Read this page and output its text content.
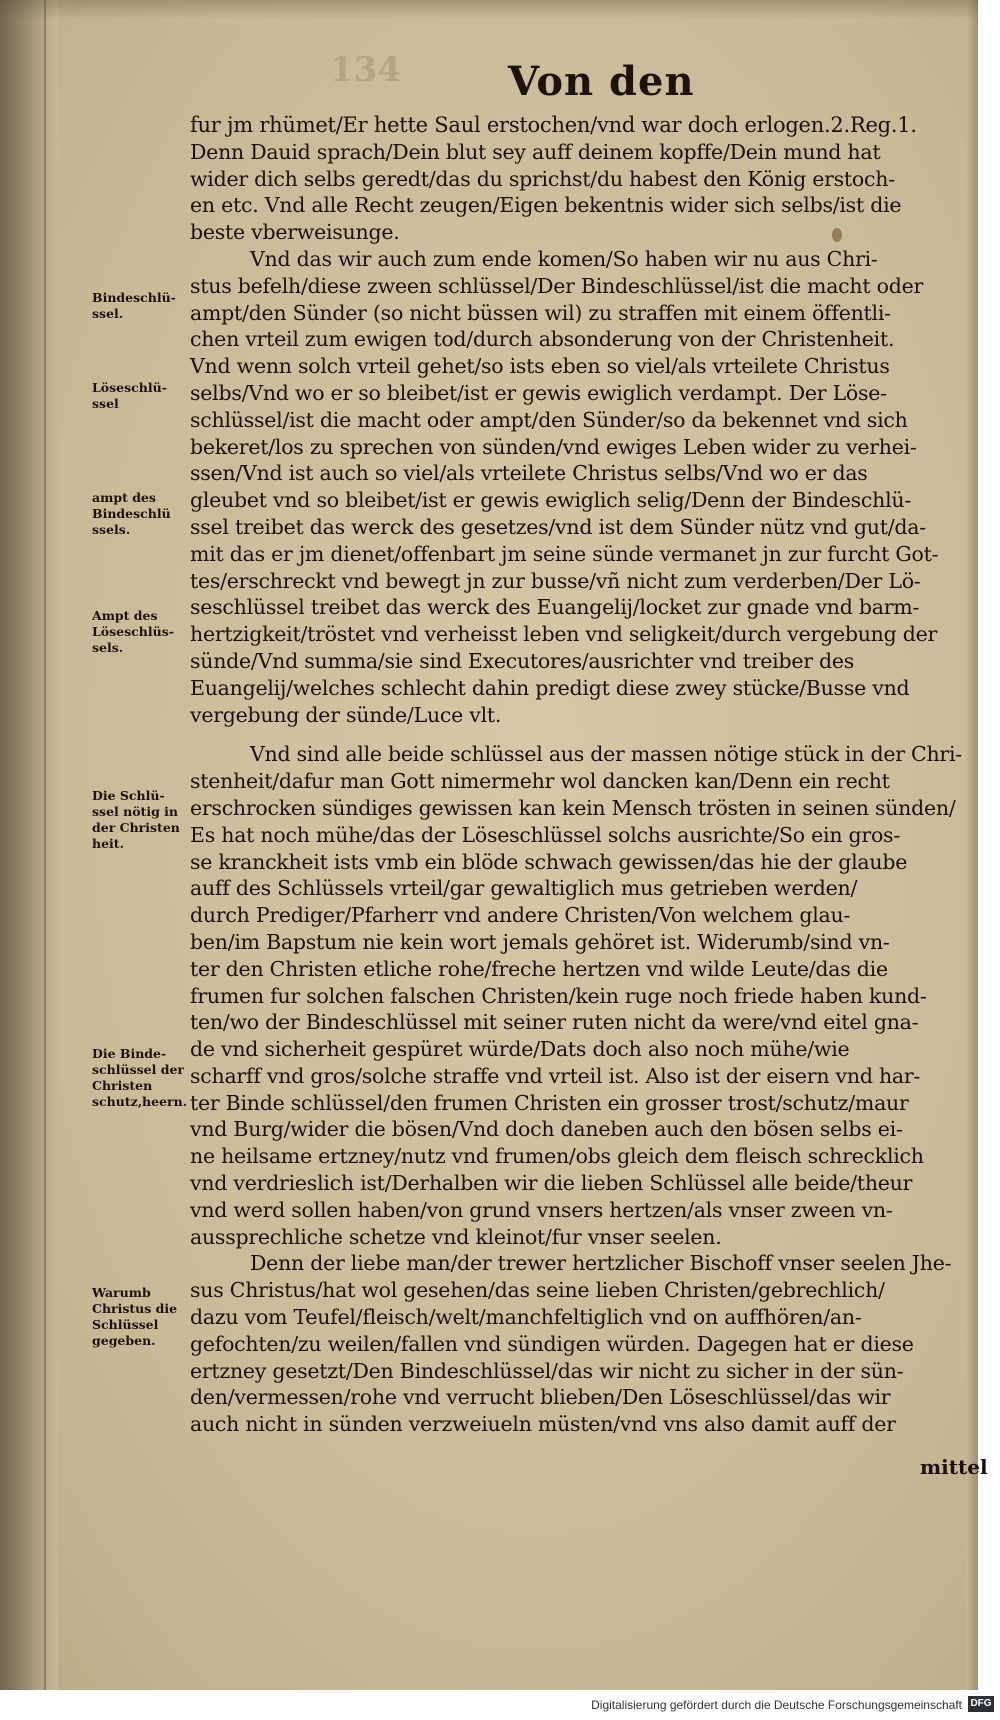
134	Von den
fur jm rhümet/Er hette Saul erstochen/vnd war doch erlogen.2.Reg.1.
Denn Dauid sprach/Dein blut sey auff deinem kopffe/Dein mund hat
wider dich selbs geredt/das du sprichst/du habest den König erstoch-
en etc. Vnd alle Recht zeugen/Eigen bekentnis wider sich selbs/ist die
beste vberweisunge.
Vnd das wir auch zum ende komen/So haben wir nu aus Chri-
stus befelh/diese zween schlüssel/Der Bindeschlüssel/ist die macht oder
ampt/den Sünder (so nicht büssen wil) zu straffen mit einem öffentli-
chen vrteil zum ewigen tod/durch absonderung von der Christenheit.
Vnd wenn solch vrteil gehet/so ists eben so viel/als vrteilete Christus
selbs/Vnd wo er so bleibet/ist er gewis ewiglich verdampt. Der Löse-
schlüssel/ist die macht oder ampt/den Sünder/so da bekennet vnd sich
bekeret/los zu sprechen von sünden/vnd ewiges Leben wider zu verhei-
ssen/Vnd ist auch so viel/als vrteilete Christus selbs/Vnd wo er das
gleubet vnd so bleibet/ist er gewis ewiglich selig/Denn der Bindeschlü-
ssel treibet das werck des gesetzes/vnd ist dem Sünder nütz vnd gut/da-
mit das er jm dienet/offenbart jm seine sünde vermanet jn zur furcht Got-
tes/erschreckt vnd bewegt jn zur busse/vñ nicht zum verderben/Der Lö-
seschlüssel treibet das werck des Euangelij/locket zur gnade vnd barm-
hertzigkeit/tröstet vnd verheisst leben vnd seligkeit/durch vergebung der
sünde/Vnd summa/sie sind Executores/ausrichter vnd treiber des
Euangelij/welches schlecht dahin predigt diese zwey stücke/Busse vnd
vergebung der sünde/Luce vlt.
Vnd sind alle beide schlüssel aus der massen nötige stück in der Chri-
stenheit/dafur man Gott nimermehr wol dancken kan/Denn ein recht
erschrocken sündiges gewissen kan kein Mensch trösten in seinen sünden/
Es hat noch mühe/das der Löseschlüssel solchs ausrichte/So ein gros-
se kranckheit ists vmb ein blöde schwach gewissen/das hie der glaube
auff des Schlüssels vrteil/gar gewaltiglich mus getrieben werden/
durch Prediger/Pfarherr vnd andere Christen/Von welchem glau-
ben/im Bapstum nie kein wort jemals gehöret ist. Widerumb/sind vn-
ter den Christen etliche rohe/freche hertzen vnd wilde Leute/das die
frumen fur solchen falschen Christen/kein ruge noch friede haben kund-
ten/wo der Bindeschlüssel mit seiner ruten nicht da were/vnd eitel gna-
de vnd sicherheit gespüret würde/Dats doch also noch mühe/wie
scharff vnd gros/solche straffe vnd vrteil ist. Also ist der eisern vnd har-
ter Binde schlüssel/den frumen Christen ein grosser trost/schutz/maur
vnd Burg/wider die bösen/Vnd doch daneben auch den bösen selbs ei-
ne heilsame ertzney/nutz vnd frumen/obs gleich dem fleisch schrecklich
vnd verdrieslich ist/Derhalben wir die lieben Schlüssel alle beide/theur
vnd werd sollen haben/von grund vnsers hertzen/als vnser zween vn-
aussprechliche schetze vnd kleinot/fur vnser seelen.
Denn der liebe man/der trewer hertzlicher Bischoff vnser seelen Jhe-
sus Christus/hat wol gesehen/das seine lieben Christen/gebrechlich/
dazu vom Teufel/fleisch/welt/manchfeltiglich vnd on auffhören/an-
gefochten/zu weilen/fallen vnd sündigen würden. Dagegen hat er diese
ertzney gesetzt/Den Bindeschlüssel/das wir nicht zu sicher in der sün-
den/vermessen/rohe vnd verrucht blieben/Den Löseschlüssel/das wir
auch nicht in sünden verzweiueln müsten/vnd vns also damit auff der
Bindeschlü-
ssel.
Löseschlü-
ssel
ampt des
Bindeschlü
ssels.
Ampt des
Löseschlüs-
sels.
Die Schlü-
ssel nötig in
der Christen
heit.
Die Binde-
schlüssel der
Christen
schutz,heern.
Warumb
Christus die
Schlüssel
gegeben.
mittel
Digitalisierung gefördert durch die Deutsche Forschungsgemeinschaft DFG
